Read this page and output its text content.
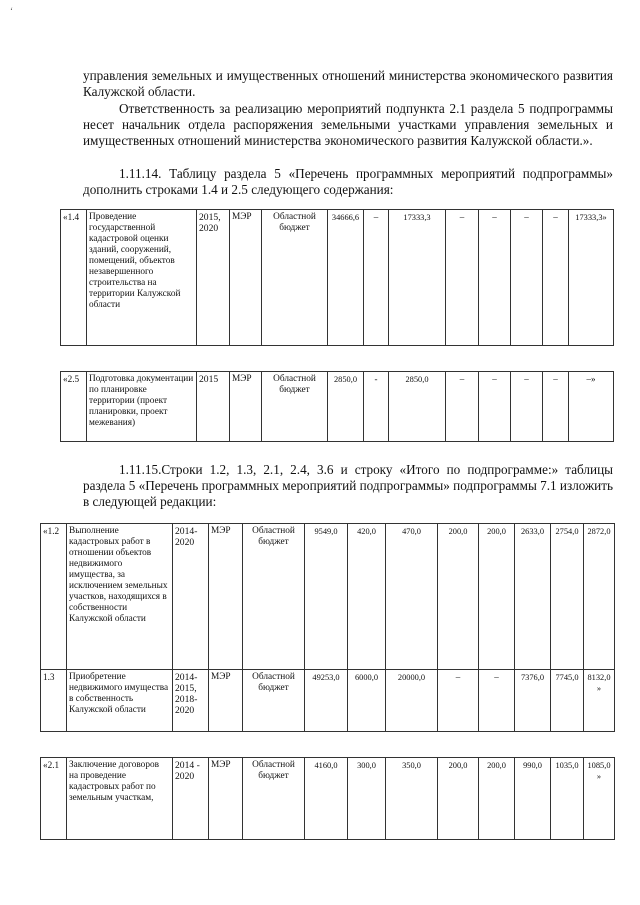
ʻ

управления земельных и имущественных отношений министерства экономического развития Калужской области.

Ответственность за реализацию мероприятий подпункта 2.1 раздела 5 подпрограммы несет начальник отдела распоряжения земельными участками управления земельных и имущественных отношений министерства экономического развития Калужской области.».

1.11.14. Таблицу раздела 5 «Перечень программных мероприятий подпрограммы» дополнить строками 1.4 и 2.5 следующего содержания:

«1.4	Проведение государственной кадастровой оценки зданий, сооружений, помещений, объектов незавершенного строительства на территории Калужской области	2015, 2020	МЭР	Областной бюджет	34666,6	–	17333,3	–	–	–	–	17333,3»
«2.5	Подготовка документации по планировке территории (проект планировки, проект межевания)	2015	МЭР	Областной бюджет	2850,0	-	2850,0	–	–	–	–	–»

1.11.15.Строки 1.2, 1.3, 2.1, 2.4, 3.6 и строку «Итого по подпрограмме:» таблицы раздела 5 «Перечень программных мероприятий подпрограммы» подпрограммы 7.1 изложить в следующей редакции:

«1.2	Выполнение кадастровых работ в отношении объектов недвижимого имущества, за исключением земельных участков, находящихся в собственности Калужской области	2014-2020	МЭР	Областной бюджет	9549,0	420,0	470,0	200,0	200,0	2633,0	2754,0	2872,0
1.3	Приобретение недвижимого имущества в собственность Калужской области	2014-2015, 2018-2020	МЭР	Областной бюджет	49253,0	6000,0	20000,0	–	–	7376,0	7745,0	8132,0»
«2.1	Заключение договоров на проведение кадастровых работ по земельным участкам,	2014 - 2020	МЭР	Областной бюджет	4160,0	300,0	350,0	200,0	200,0	990,0	1035,0	1085,0»
